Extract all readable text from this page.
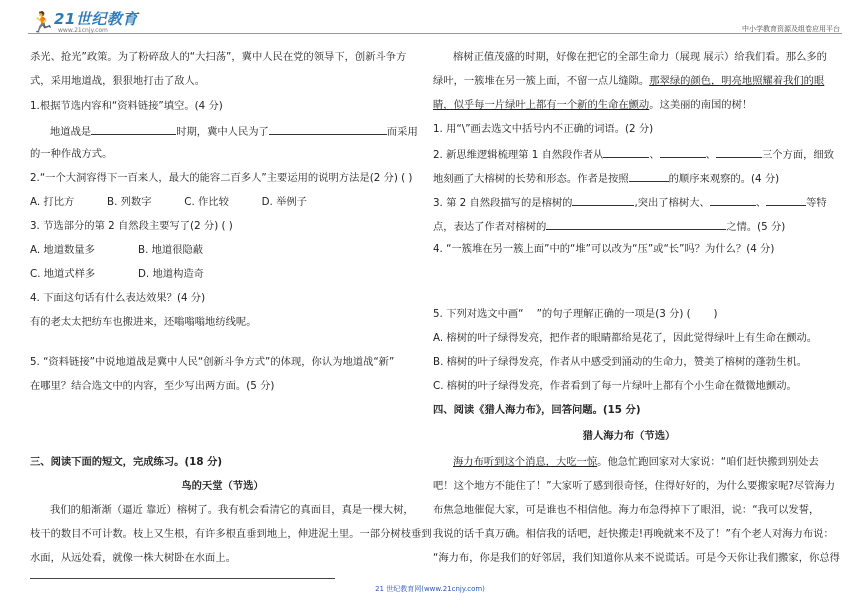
🏃 21世纪教育
www.21cnjy.com	中小学教育资源及组卷应用平台
杀光、抢光”政策。为了粉碎敌人的“大扫荡”，冀中人民在党的领导下，创新斗争方
式，采用地道战，狠狠地打击了敌人。
1.根据节选内容和“资料链接”填空。(4 分)
地道战是	时期，冀中人民为了	而采用
的一种作战方式。
2.“一个大洞容得下一百来人，最大的能容二百多人”主要运用的说明方法是(2 分) ( )
A. 打比方          B. 列数字          C. 作比较          D. 举例子
3. 节选部分的第 2 自然段主要写了(2 分) ( )
A. 地道数量多	B. 地道很隐蔽
C. 地道式样多	D. 地道构造奇
4. 下面这句话有什么表达效果？(4 分)
有的老太太把纺车也搬进来，还嗡嗡嗡地纺线呢。
5. “资料链接”中说地道战是冀中人民“创新斗争方式”的体现，你认为地道战“新”
在哪里？结合选文中的内容，至少写出两方面。(5 分)
三、阅读下面的短文，完成练习。(18 分)
鸟的天堂（节选）
我们的船渐渐（逼近 靠近）榕树了。我有机会看清它的真面目，真是一棵大树，
枝干的数目不可计数。枝上又生根，有许多根直垂到地上，伸进泥土里。一部分树枝垂到
水面，从远处看，就像一株大树卧在水面上。
榕树正值茂盛的时期，好像在把它的全部生命力（展现 展示）给我们看。那么多的
绿叶，一簇堆在另一簇上面，不留一点儿缝隙。那翠绿的颜色，明亮地照耀着我们的眼
睛，似乎每一片绿叶上都有一个新的生命在颤动。这美丽的南国的树！
1. 用“\”画去选文中括号内不正确的词语。(2 分)
2. 新思维逻辑梳理第 1 自然段作者从	、	、	三个方面，细致
地刻画了大榕树的长势和形态。作者是按照	的顺序来观察的。(4 分)
3. 第 2 自然段描写的是榕树的	,突出了榕树大、	、	等特
点，表达了作者对榕树的	之情。(5 分)
4. “一簇堆在另一簇上面”中的“堆”可以改为“压”或“长”吗？为什么？(4 分)
5. 下列对选文中画“    ”的句子理解正确的一项是(3 分) (       )
A. 榕树的叶子绿得发亮，把作者的眼睛都给晃花了，因此觉得绿叶上有生命在颤动。
B. 榕树的叶子绿得发亮，作者从中感受到涌动的生命力，赞美了榕树的蓬勃生机。
C. 榕树的叶子绿得发亮，作者看到了每一片绿叶上都有个小生命在微微地颤动。
四、阅读《猎人海力布》，回答问题。(15 分)
猎人海力布（节选）
海力布听到这个消息，大吃一惊。他急忙跑回家对大家说：“咱们赶快搬到别处去
吧！这个地方不能住了！”大家听了感到很奇怪，住得好好的，为什么要搬家呢?尽管海力
布焦急地催促大家，可是谁也不相信他。海力布急得掉下了眼泪，说：“我可以发誓，
我说的话千真万确。相信我的话吧，赶快搬走!再晚就来不及了！”有个老人对海力布说：
“海力布，你是我们的好邻居，我们知道你从来不说谎话。可是今天你让我们搬家，你总得
21 世纪教育网(www.21cnjy.com)
